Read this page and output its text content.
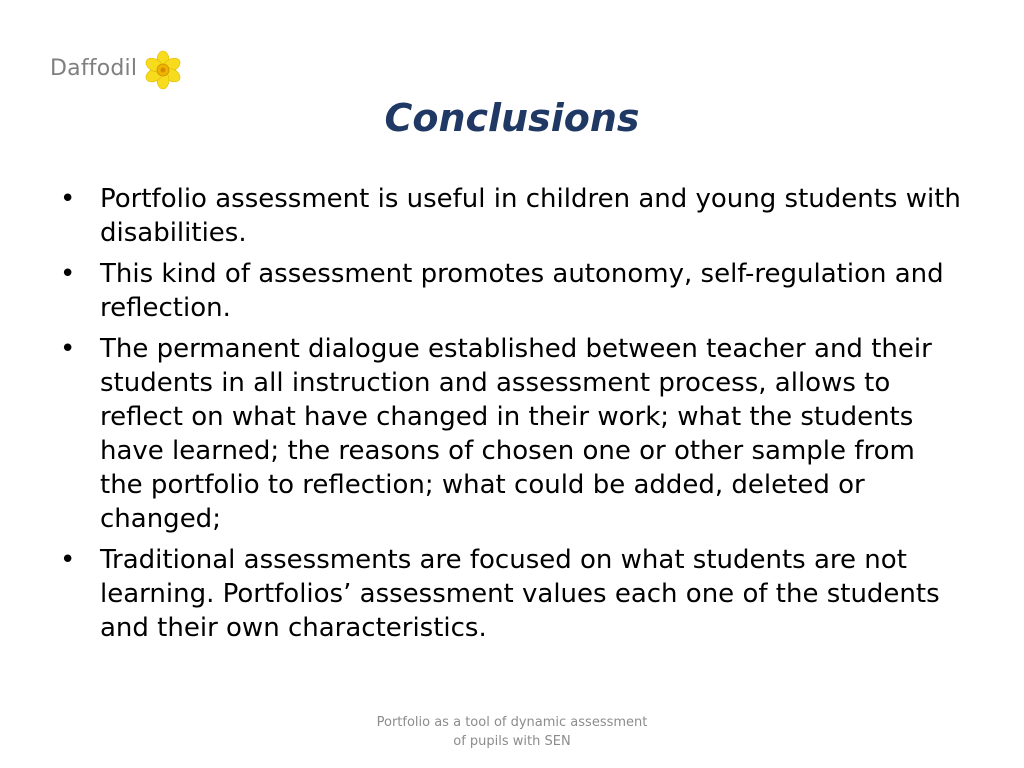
Daffodil
Conclusions
• Portfolio assessment is useful in children and young students with disabilities.
• This kind of assessment promotes autonomy, self-regulation and reflection.
• The permanent dialogue established between teacher and their students in all instruction and assessment process, allows to reflect on what have changed in their work; what the students have learned; the reasons of chosen one or other sample from the portfolio to reflection; what could be added, deleted or changed;
• Traditional assessments are focused on what students are not learning. Portfolios’ assessment values each one of the students and their own characteristics.
Portfolio as a tool of dynamic assessment
of pupils with SEN
